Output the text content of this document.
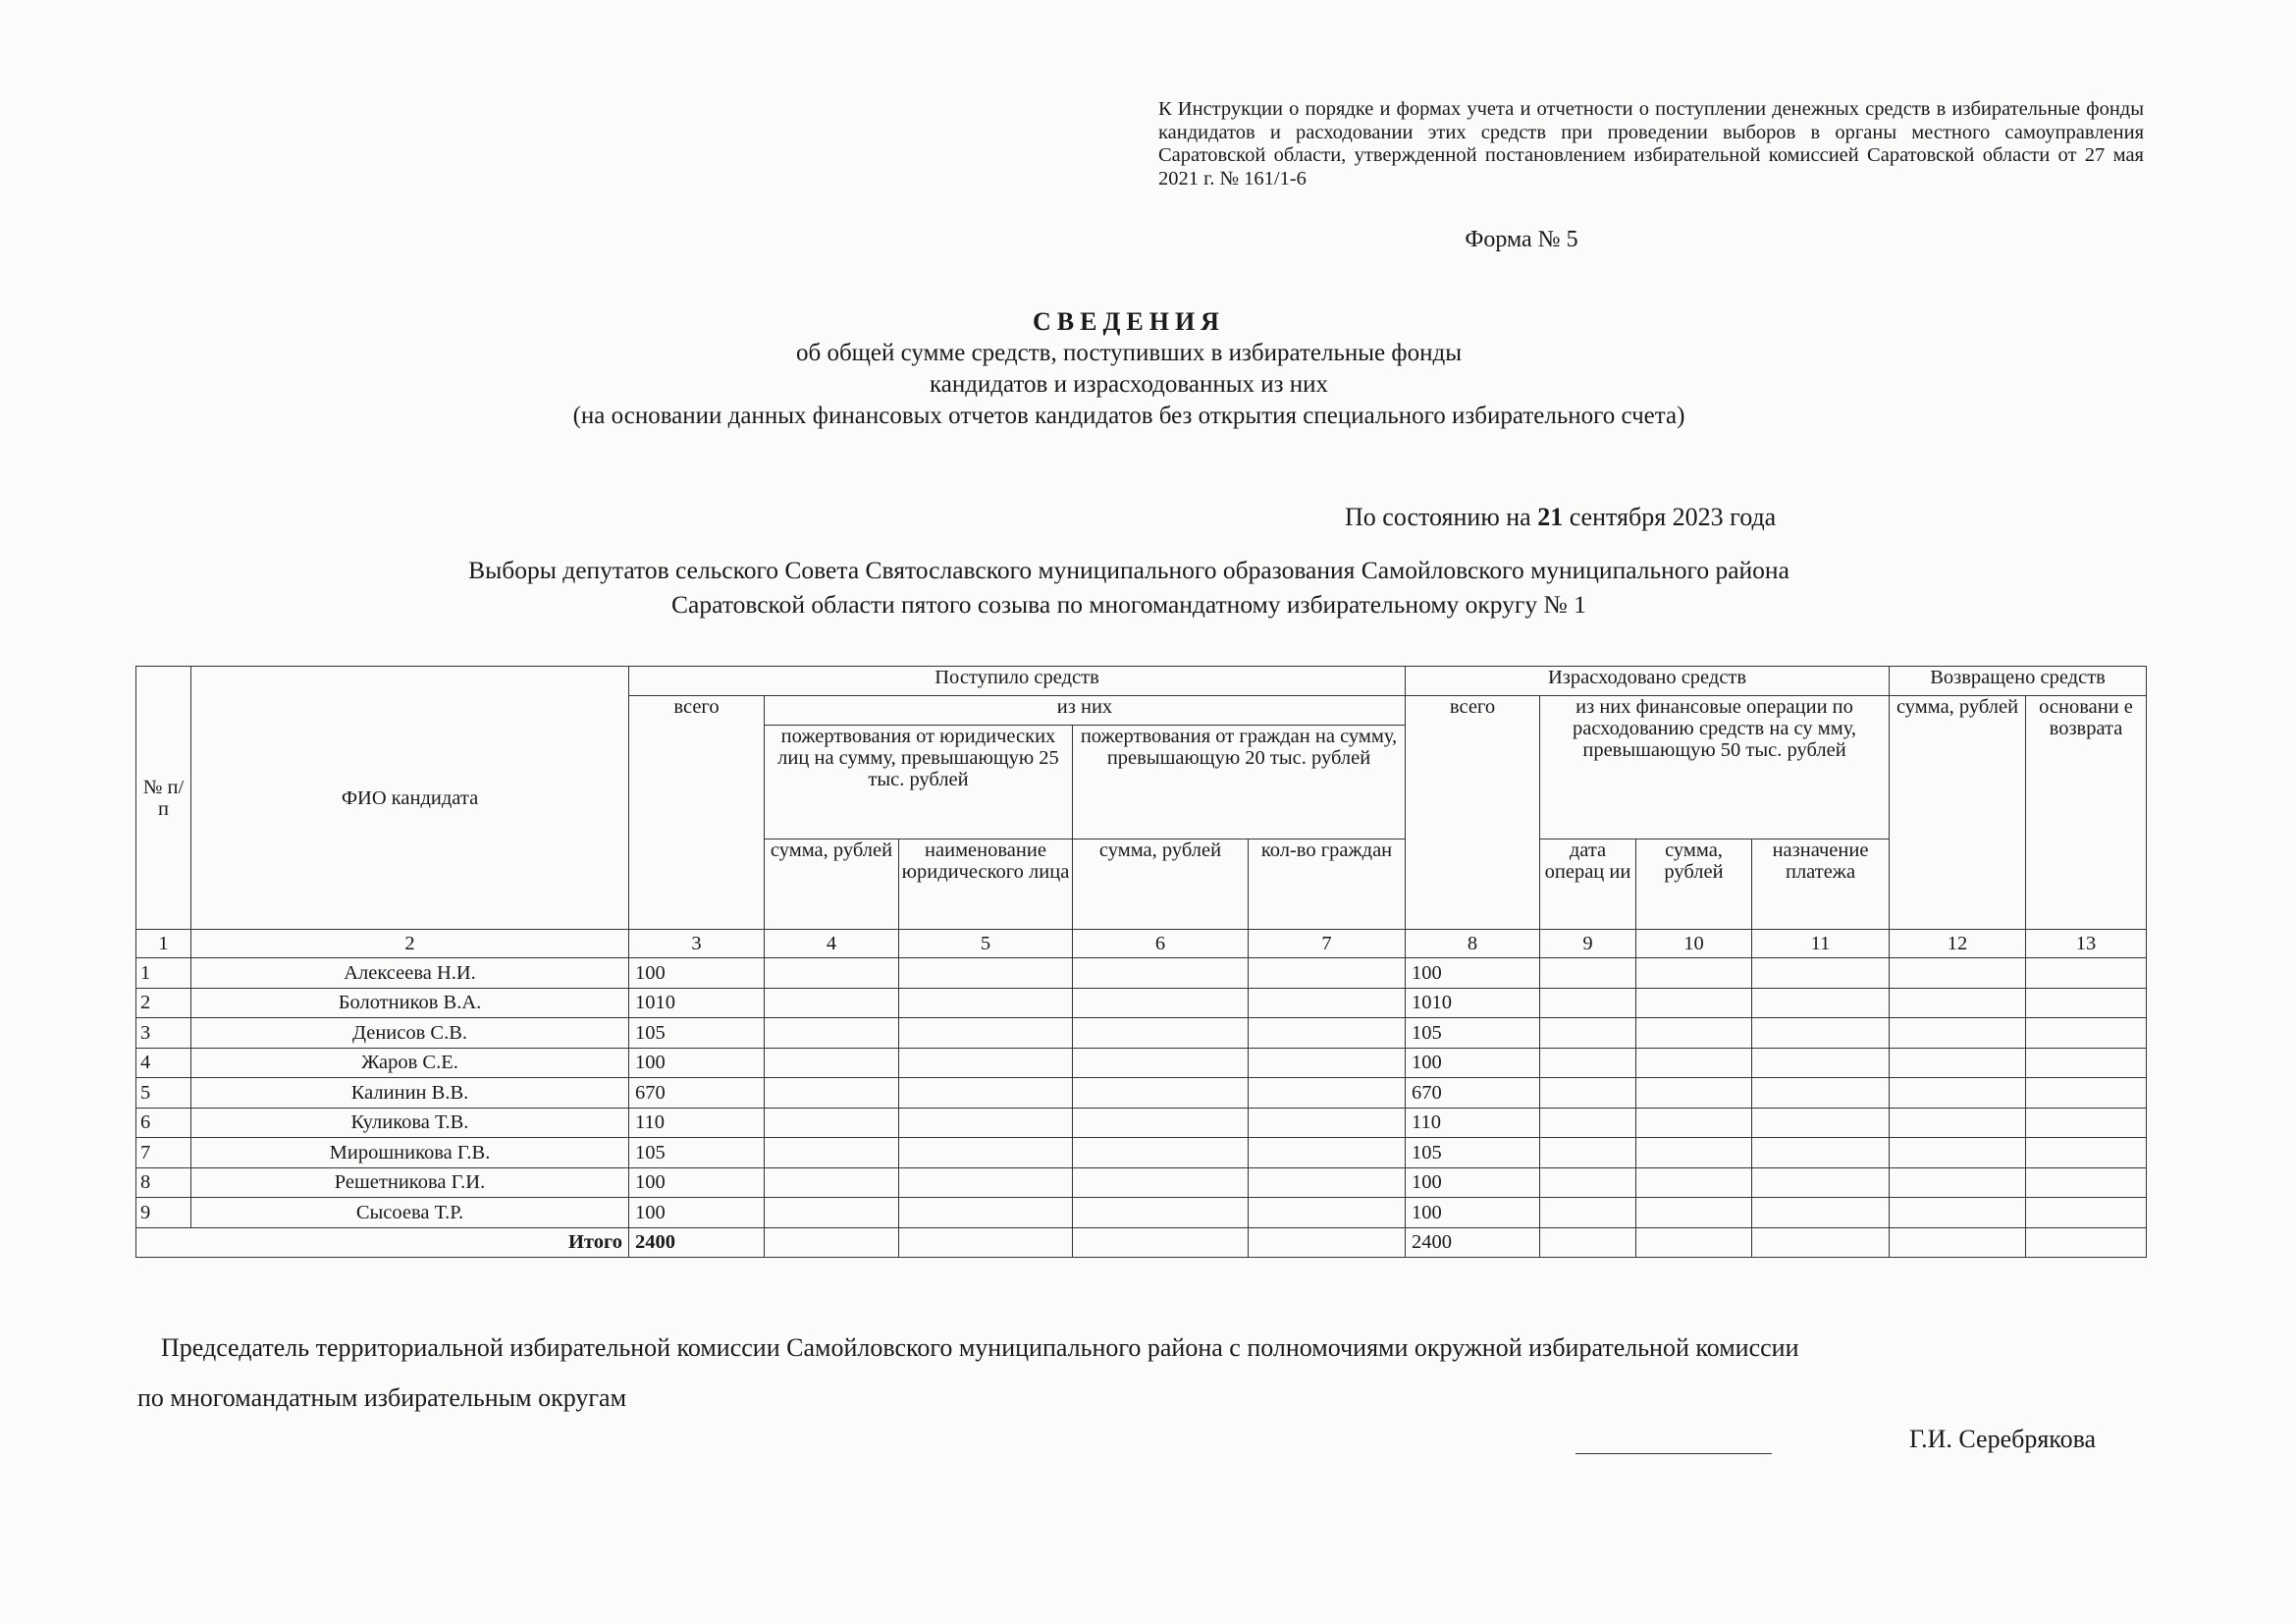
К Инструкции о порядке и формах учета и отчетности о поступлении денежных средств в избирательные фонды кандидатов и расходовании этих средств при проведении выборов в органы местного самоуправления Саратовской области, утвержденной постановлением избирательной комиссией Саратовской области от 27 мая 2021 г. № 161/1-6
Форма № 5
СВЕДЕНИЯ
об общей сумме средств, поступивших в избирательные фонды
кандидатов и израсходованных из них
(на основании данных финансовых отчетов кандидатов без открытия специального избирательного счета)
По состоянию на 21 сентября 2023 года
Выборы депутатов сельского Совета Святославского муниципального образования Самойловского муниципального района
Саратовской области пятого созыва по многомандатному избирательному округу № 1
№ п/п	ФИО кандидата	Поступило средств					Израсходовано средств				Возвращено средств	
		всего	из них				всего	из них финансовые операции по расходованию средств на су мму, превышающую 50 тыс. рублей			сумма, рублей	основани е возврата
			пожертвования от юридических лиц на сумму, превышающую 25 тыс. рублей		пожертвования от граждан на сумму, превышающую 20 тыс. рублей							
			сумма, рублей	наименование юридического лица	сумма, рублей	кол-во граждан		дата операц ии	сумма, рублей	назначение платежа		
1	2	3	4	5	6	7	8	9	10	11	12	13
1	Алексеева Н.И.	100					100					
2	Болотников В.А.	1010					1010					
3	Денисов С.В.	105					105					
4	Жаров С.Е.	100					100					
5	Калинин В.В.	670					670					
6	Куликова Т.В.	110					110					
7	Мирошникова Г.В.	105					105					
8	Решетникова Г.И.	100					100					
9	Сысоева Т.Р.	100					100					
Итого		2400					2400					
Председатель территориальной избирательной комиссии Самойловского муниципального района с полномочиями окружной избирательной комиссии
по многомандатным избирательным округам
Г.И. Серебрякова
